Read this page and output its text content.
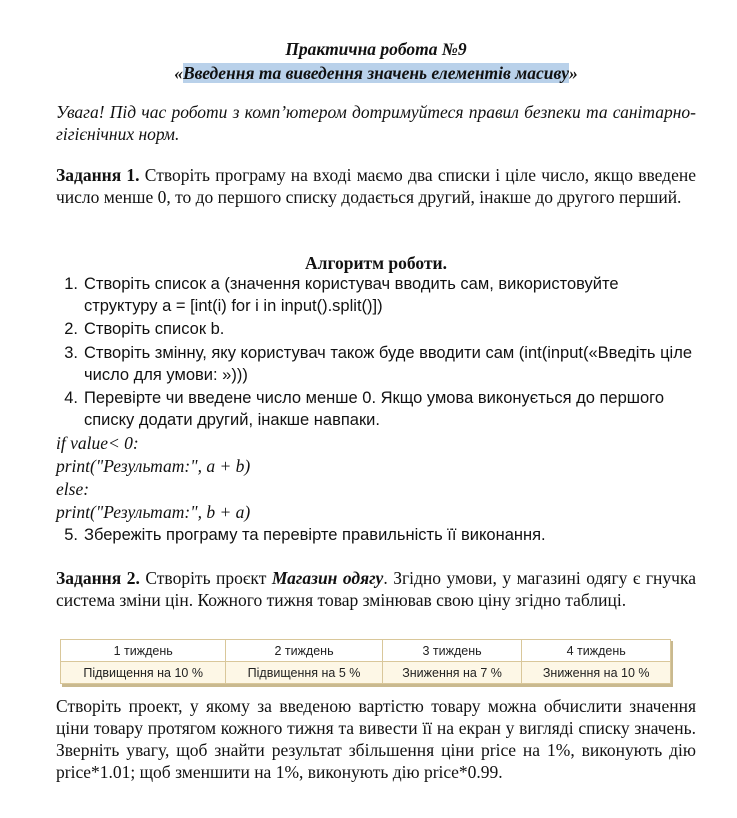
Практична робота №9
«Введення та виведення значень елементів масиву»

Увага! Під час роботи з комп’ютером дотримуйтеся правил безпеки та санітарно-гігієнічних норм.

Задання 1. Створіть програму на вході маємо два списки і ціле число, якщо введене число менше 0, то до першого списку додається другий, інакше до другого перший.

Алгоритм роботи.
1. Створіть список a (значення користувач вводить сам, використовуйте структуру a = [int(i) for i in input().split()])
2. Створіть список b.
3. Створіть змінну, яку користувач також буде вводити сам (int(input(«Введіть ціле число для умови: »)))
4. Перевірте чи введене число менше 0. Якщо умова виконується до першого списку додати другий, інакше навпаки.
if value< 0:
print("Результат:", a + b)
else:
print("Результат:", b + a)
5. Збережіть програму та перевірте правильність її виконання.

Задання 2. Створіть проєкт Магазин одягу. Згідно умови, у магазині одягу є гнучка система зміни цін. Кожного тижня товар змінював свою ціну згідно таблиці.

1 тиждень	2 тиждень	3 тиждень	4 тиждень
Підвищення на 10 %	Підвищення на 5 %	Зниження на 7 %	Зниження на 10 %

Створіть проект, у якому за введеною вартістю товару можна обчислити значення ціни товару протягом кожного тижня та вивести її на екран у вигляді списку значень. Зверніть увагу, щоб знайти результат збільшення ціни price на 1%, виконують дію price*1.01; щоб зменшити на 1%, виконують дію price*0.99.
